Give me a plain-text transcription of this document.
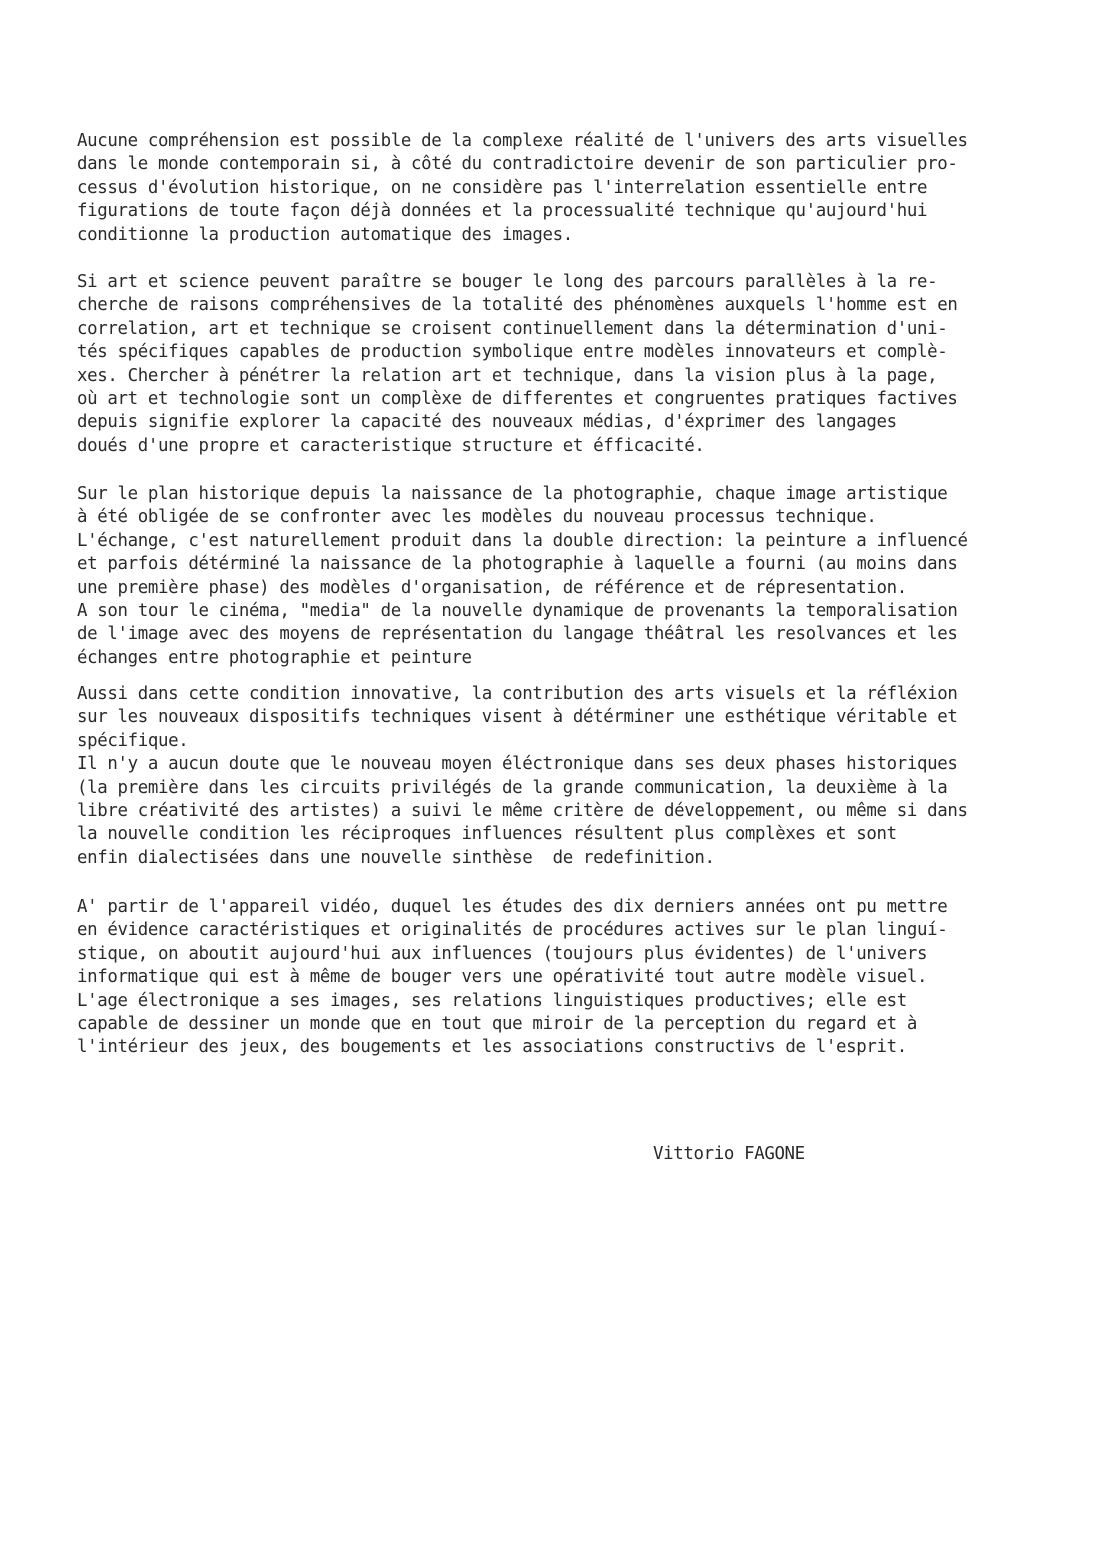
Aucune compréhension est possible de la complexe réalité de l'univers des arts visuelles
dans le monde contemporain si, à côté du contradictoire devenir de son particulier pro-
cessus d'évolution historique, on ne considère pas l'interrelation essentielle entre
figurations de toute façon déjà données et la processualité technique qu'aujourd'hui
conditionne la production automatique des images.
Si art et science peuvent paraître se bouger le long des parcours parallèles à la re-
cherche de raisons compréhensives de la totalité des phénomènes auxquels l'homme est en
correlation, art et technique se croisent continuellement dans la détermination d'uni-
tés spécifiques capables de production symbolique entre modèles innovateurs et complè-
xes. Chercher à pénétrer la relation art et technique, dans la vision plus à la page,
où art et technologie sont un complèxe de differentes et congruentes pratiques factives
depuis signifie explorer la capacité des nouveaux médias, d'éxprimer des langages
doués d'une propre et caracteristique structure et éfficacité.
Sur le plan historique depuis la naissance de la photographie, chaque image artistique
à été obligée de se confronter avec les modèles du nouveau processus technique.
L'échange, c'est naturellement produit dans la double direction: la peinture a influencé
et parfois détérminé la naissance de la photographie à laquelle a fourni (au moins dans
une première phase) des modèles d'organisation, de référence et de répresentation.
A son tour le cinéma, "media" de la nouvelle dynamique de provenants la temporalisation
de l'image avec des moyens de représentation du langage théâtral les resolvances et les
échanges entre photographie et peinture
Aussi dans cette condition innovative, la contribution des arts visuels et la réfléxion
sur les nouveaux dispositifs techniques visent à détérminer une esthétique véritable et
spécifique.
Il n'y a aucun doute que le nouveau moyen éléctronique dans ses deux phases historiques
(la première dans les circuits privilégés de la grande communication, la deuxième à la
libre créativité des artistes) a suivi le même critère de développement, ou même si dans
la nouvelle condition les réciproques influences résultent plus complèxes et sont
enfin dialectisées dans une nouvelle sinthèse  de redefinition.
A' partir de l'appareil vidéo, duquel les études des dix derniers années ont pu mettre
en évidence caractéristiques et originalités de procédures actives sur le plan linguí-
stique, on aboutit aujourd'hui aux influences (toujours plus évidentes) de l'univers
informatique qui est à même de bouger vers une opérativité tout autre modèle visuel.
L'age électronique a ses images, ses relations linguistiques productives; elle est
capable de dessiner un monde que en tout que miroir de la perception du regard et à
l'intérieur des jeux, des bougements et les associations constructivs de l'esprit.
Vittorio FAGONE
